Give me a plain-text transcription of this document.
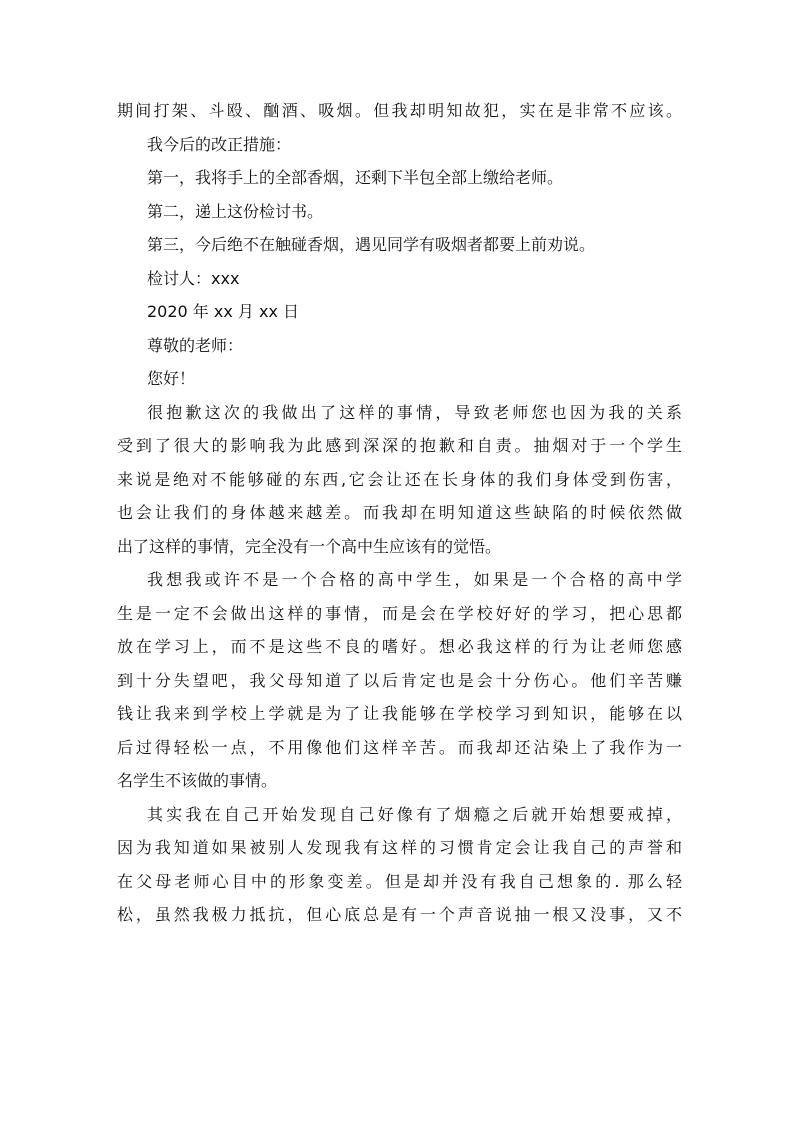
期间打架、斗殴、酗酒、吸烟。但我却明知故犯，实在是非常不应该。
我今后的改正措施：
第一，我将手上的全部香烟，还剩下半包全部上缴给老师。
第二，递上这份检讨书。
第三，今后绝不在触碰香烟，遇见同学有吸烟者都要上前劝说。
检讨人：xxx
2020 年 xx 月 xx 日
尊敬的老师：
您好！
很抱歉这次的我做出了这样的事情，导致老师您也因为我的关系
受到了很大的影响我为此感到深深的抱歉和自责。抽烟对于一个学生
来说是绝对不能够碰的东西,它会让还在长身体的我们身体受到伤害，
也会让我们的身体越来越差。而我却在明知道这些缺陷的时候依然做
出了这样的事情，完全没有一个高中生应该有的觉悟。
我想我或许不是一个合格的高中学生，如果是一个合格的高中学
生是一定不会做出这样的事情，而是会在学校好好的学习，把心思都
放在学习上，而不是这些不良的嗜好。想必我这样的行为让老师您感
到十分失望吧，我父母知道了以后肯定也是会十分伤心。他们辛苦赚
钱让我来到学校上学就是为了让我能够在学校学习到知识，能够在以
后过得轻松一点，不用像他们这样辛苦。而我却还沾染上了我作为一
名学生不该做的事情。
其实我在自己开始发现自己好像有了烟瘾之后就开始想要戒掉，
因为我知道如果被别人发现我有这样的习惯肯定会让我自己的声誉和
在父母老师心目中的形象变差。但是却并没有我自己想象的. 那么轻
松，虽然我极力抵抗，但心底总是有一个声音说抽一根又没事，又不
